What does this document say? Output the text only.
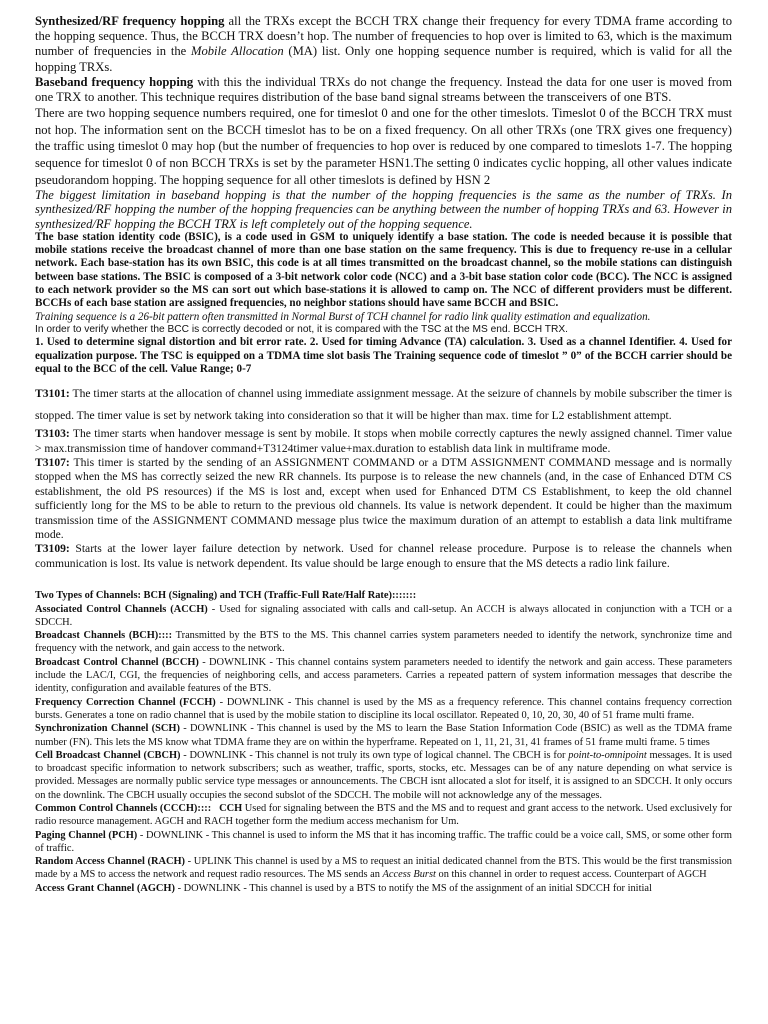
Synthesized/RF frequency hopping all the TRXs except the BCCH TRX change their frequency for every TDMA frame according to the hopping sequence. Thus, the BCCH TRX doesn’t hop. The number of frequencies to hop over is limited to 63, which is the maximum number of frequencies in the Mobile Allocation (MA) list. Only one hopping sequence number is required, which is valid for all the hopping TRXs.

Baseband frequency hopping with this the individual TRXs do not change the frequency. Instead the data for one user is moved from one TRX to another. This technique requires distribution of the base band signal streams between the transceivers of one BTS.

There are two hopping sequence numbers required, one for timeslot 0 and one for the other timeslots. Timeslot 0 of the BCCH TRX must not hop. The information sent on the BCCH timeslot has to be on a fixed frequency. On all other TRXs (one TRX gives one frequency) the traffic using timeslot 0 may hop (but the number of frequencies to hop over is reduced by one compared to timeslots 1-7. The hopping sequence for timeslot 0 of non BCCH TRXs is set by the parameter HSN1.The setting 0 indicates cyclic hopping, all other values indicate pseudorandom hopping. The hopping sequence for all other timeslots is defined by HSN 2

The biggest limitation in baseband hopping is that the number of the hopping frequencies is the same as the number of TRXs. In synthesized/RF hopping the number of the hopping frequencies can be anything between the number of hopping TRXs and 63. However in synthesized/RF hopping the BCCH TRX is left completely out of the hopping sequence.

The base station identity code (BSIC), is a code used in GSM to uniquely identify a base station. The code is needed because it is possible that mobile stations receive the broadcast channel of more than one base station on the same frequency. This is due to frequency re-use in a cellular network. Each base-station has its own BSIC, this code is at all times transmitted on the broadcast channel, so the mobile stations can distinguish between base stations. The BSIC is composed of a 3-bit network color code (NCC) and a 3-bit base station color code (BCC). The NCC is assigned to each network provider so the MS can sort out which base-stations it is allowed to camp on. The NCC of different providers must be different. BCCHs of each base station are assigned frequencies, no neighbor stations should have same BCCH and BSIC.

Training sequence is a 26-bit pattern often transmitted in Normal Burst of TCH channel for radio link quality estimation and equalization.

In order to verify whether the BCC is correctly decoded or not, it is compared with the TSC at the MS end. BCCH TRX.

1. Used to determine signal distortion and bit error rate. 2. Used for timing Advance (TA) calculation. 3. Used as a channel Identifier. 4. Used for equalization purpose. The TSC is equipped on a TDMA time slot basis The Training sequence code of timeslot ” 0” of the BCCH carrier should be equal to the BCC of the cell. Value Range; 0-7

T3101: The timer starts at the allocation of channel using immediate assignment message. At the seizure of channels by mobile subscriber the timer is stopped. The timer value is set by network taking into consideration so that it will be higher than max. time for L2 establishment attempt.

T3103: The timer starts when handover message is sent by mobile. It stops when mobile correctly captures the newly assigned channel. Timer value > max.transmission time of handover command+T3124timer value+max.duration to establish data link in multiframe mode.

T3107: This timer is started by the sending of an ASSIGNMENT COMMAND or a DTM ASSIGNMENT COMMAND message and is normally stopped when the MS has correctly seized the new RR channels. Its purpose is to release the new channels (and, in the case of Enhanced DTM CS establishment, the old PS resources) if the MS is lost and, except when used for Enhanced DTM CS Establishment, to keep the old channel sufficiently long for the MS to be able to return to the previous old channels. Its value is network dependent. It could be higher than the maximum transmission time of the ASSIGNMENT COMMAND message plus twice the maximum duration of an attempt to establish a data link multiframe mode.

T3109: Starts at the lower layer failure detection by network. Used for channel release procedure. Purpose is to release the channels when communication is lost. Its value is network dependent. Its value should be large enough to ensure that the MS detects a radio link failure.

Two Types of Channels: BCH (Signaling) and TCH (Traffic-Full Rate/Half Rate):::::::

Associated Control Channels (ACCH) - Used for signaling associated with calls and call-setup. An ACCH is always allocated in conjunction with a TCH or a SDCCH.

Broadcast Channels (BCH):::: Transmitted by the BTS to the MS. This channel carries system parameters needed to identify the network, synchronize time and frequency with the network, and gain access to the network.

Broadcast Control Channel (BCCH) - DOWNLINK - This channel contains system parameters needed to identify the network and gain access. These parameters include the LAC/I, CGI, the frequencies of neighboring cells, and access parameters. Carries a repeated pattern of system information messages that describe the identity, configuration and available features of the BTS.

Frequency Correction Channel (FCCH) - DOWNLINK - This channel is used by the MS as a frequency reference. This channel contains frequency correction bursts. Generates a tone on radio channel that is used by the mobile station to discipline its local oscillator. Repeated 0, 10, 20, 30, 40 of 51 frame multi frame.

Synchronization Channel (SCH) - DOWNLINK - This channel is used by the MS to learn the Base Station Information Code (BSIC) as well as the TDMA frame number (FN). This lets the MS know what TDMA frame they are on within the hyperframe. Repeated on 1, 11, 21, 31, 41 frames of 51 frame multi frame. 5 times

Cell Broadcast Channel (CBCH) - DOWNLINK - This channel is not truly its own type of logical channel. The CBCH is for point-to-omnipoint messages. It is used to broadcast specific information to network subscribers; such as weather, traffic, sports, stocks, etc. Messages can be of any nature depending on what service is provided. Messages are normally public service type messages or announcements. The CBCH isnt allocated a slot for itself, it is assigned to an SDCCH. It only occurs on the downlink. The CBCH usually occupies the second subslot of the SDCCH. The mobile will not acknowledge any of the messages.

Common Control Channels (CCCH)::::   CCH Used for signaling between the BTS and the MS and to request and grant access to the network. Used exclusively for radio resource management. AGCH and RACH together form the medium access mechanism for Um.

Paging Channel (PCH) - DOWNLINK - This channel is used to inform the MS that it has incoming traffic. The traffic could be a voice call, SMS, or some other form of traffic.

Random Access Channel (RACH) - UPLINK This channel is used by a MS to request an initial dedicated channel from the BTS. This would be the first transmission made by a MS to access the network and request radio resources. The MS sends an Access Burst on this channel in order to request access. Counterpart of AGCH

Access Grant Channel (AGCH) - DOWNLINK - This channel is used by a BTS to notify the MS of the assignment of an initial SDCCH for initial
